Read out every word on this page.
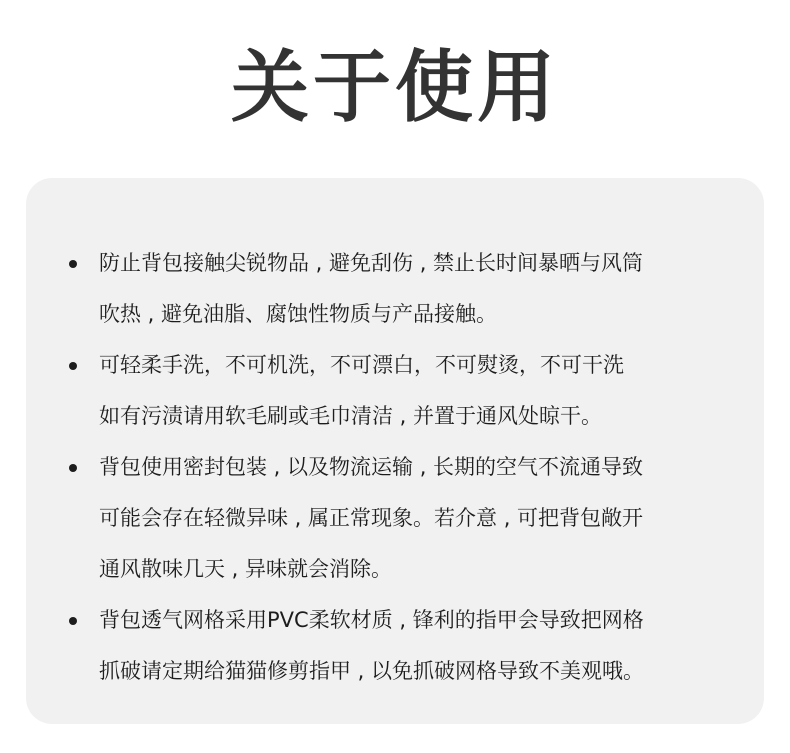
关于使用
防止背包接触尖锐物品 , 避免刮伤 , 禁止长时间暴晒与风筒
吹热 , 避免油脂、腐蚀性物质与产品接触。
可轻柔手洗，不可机洗，不可漂白，不可熨烫，不可干洗
如有污渍请用软毛刷或毛巾清洁 , 并置于通风处晾干。
背包使用密封包装 , 以及物流运输 , 长期的空气不流通导致
可能会存在轻微异味 , 属正常现象。若介意 , 可把背包敞开
通风散味几天 , 异味就会消除。
背包透气网格采用PVC柔软材质 , 锋利的指甲会导致把网格
抓破请定期给猫猫修剪指甲 , 以免抓破网格导致不美观哦。
